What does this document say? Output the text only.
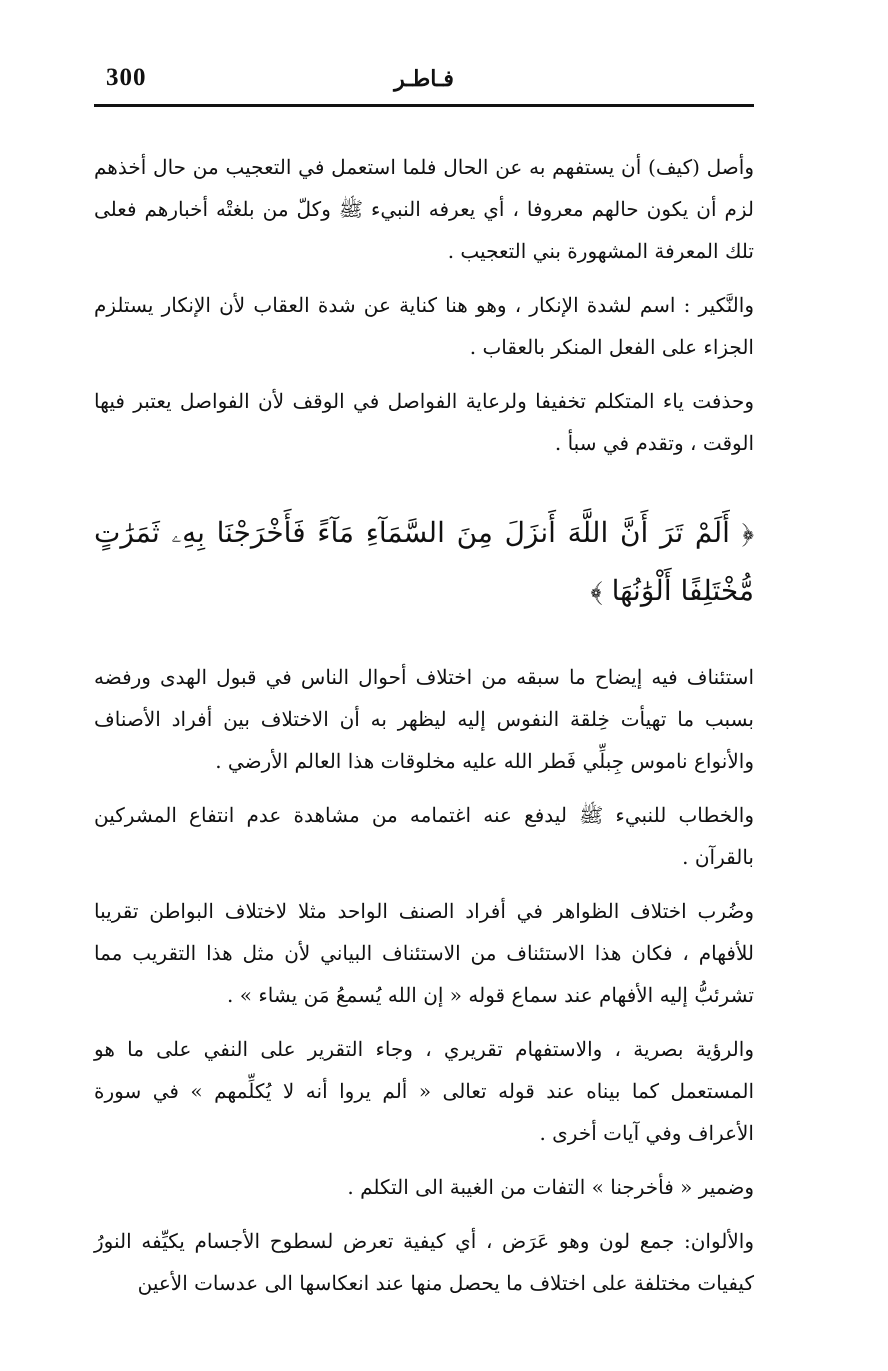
300	فـاطـر

وأصل (كيف) أن يستفهم به عن الحال فلما استعمل في التعجيب من حال أخذهم لزم أن يكون حالهم معروفا ، أي يعرفه النبيء ﷺ وكلّ من بلغتْه أخبارهم فعلى تلك المعرفة المشهورة بني التعجيب .

والنَّكير : اسم لشدة الإنكار ، وهو هنا كناية عن شدة العقاب لأن الإنكار يستلزم الجزاء على الفعل المنكر بالعقاب .

وحذفت ياء المتكلم تخفيفا ولرعاية الفواصل في الوقف لأن الفواصل يعتبر فيها الوقت ، وتقدم في سبأ .

﴿ أَلَمْ تَرَ أَنَّ اللَّهَ أَنزَلَ مِنَ السَّمَآءِ مَآءً فَأَخْرَجْنَا بِهِۦ ثَمَرَٰتٍ مُّخْتَلِفًا أَلْوَٰنُهَا ﴾

استئناف فيه إيضاح ما سبقه من اختلاف أحوال الناس في قبول الهدى ورفضه بسبب ما تهيأت خِلقة النفوس إليه ليظهر به أن الاختلاف بين أفراد الأصناف والأنواع ناموس جِبلِّي فَطر الله عليه مخلوقات هذا العالم الأرضي .

والخطاب للنبيء ﷺ ليدفع عنه اغتمامه من مشاهدة عدم انتفاع المشركين بالقرآن .

وضُرب اختلاف الظواهر في أفراد الصنف الواحد مثلا لاختلاف البواطن تقريبا للأفهام ، فكان هذا الاستئناف من الاستئناف البياني لأن مثل هذا التقريب مما تشرئبُّ إليه الأفهام عند سماع قوله « إن الله يُسمعُ مَن يشاء » .

والرؤية بصرية ، والاستفهام تقريري ، وجاء التقرير على النفي على ما هو المستعمل كما بيناه عند قوله تعالى « ألم يروا أنه لا يُكلِّمهم » في سورة الأعراف وفي آيات أخرى .

وضمير « فأخرجنا » التفات من الغيبة الى التكلم .

والألوان: جمع لون وهو عَرَض ، أي كيفية تعرض لسطوح الأجسام يكيِّفه النورُ كيفيات مختلفة على اختلاف ما يحصل منها عند انعكاسها الى عدسات الأعين
